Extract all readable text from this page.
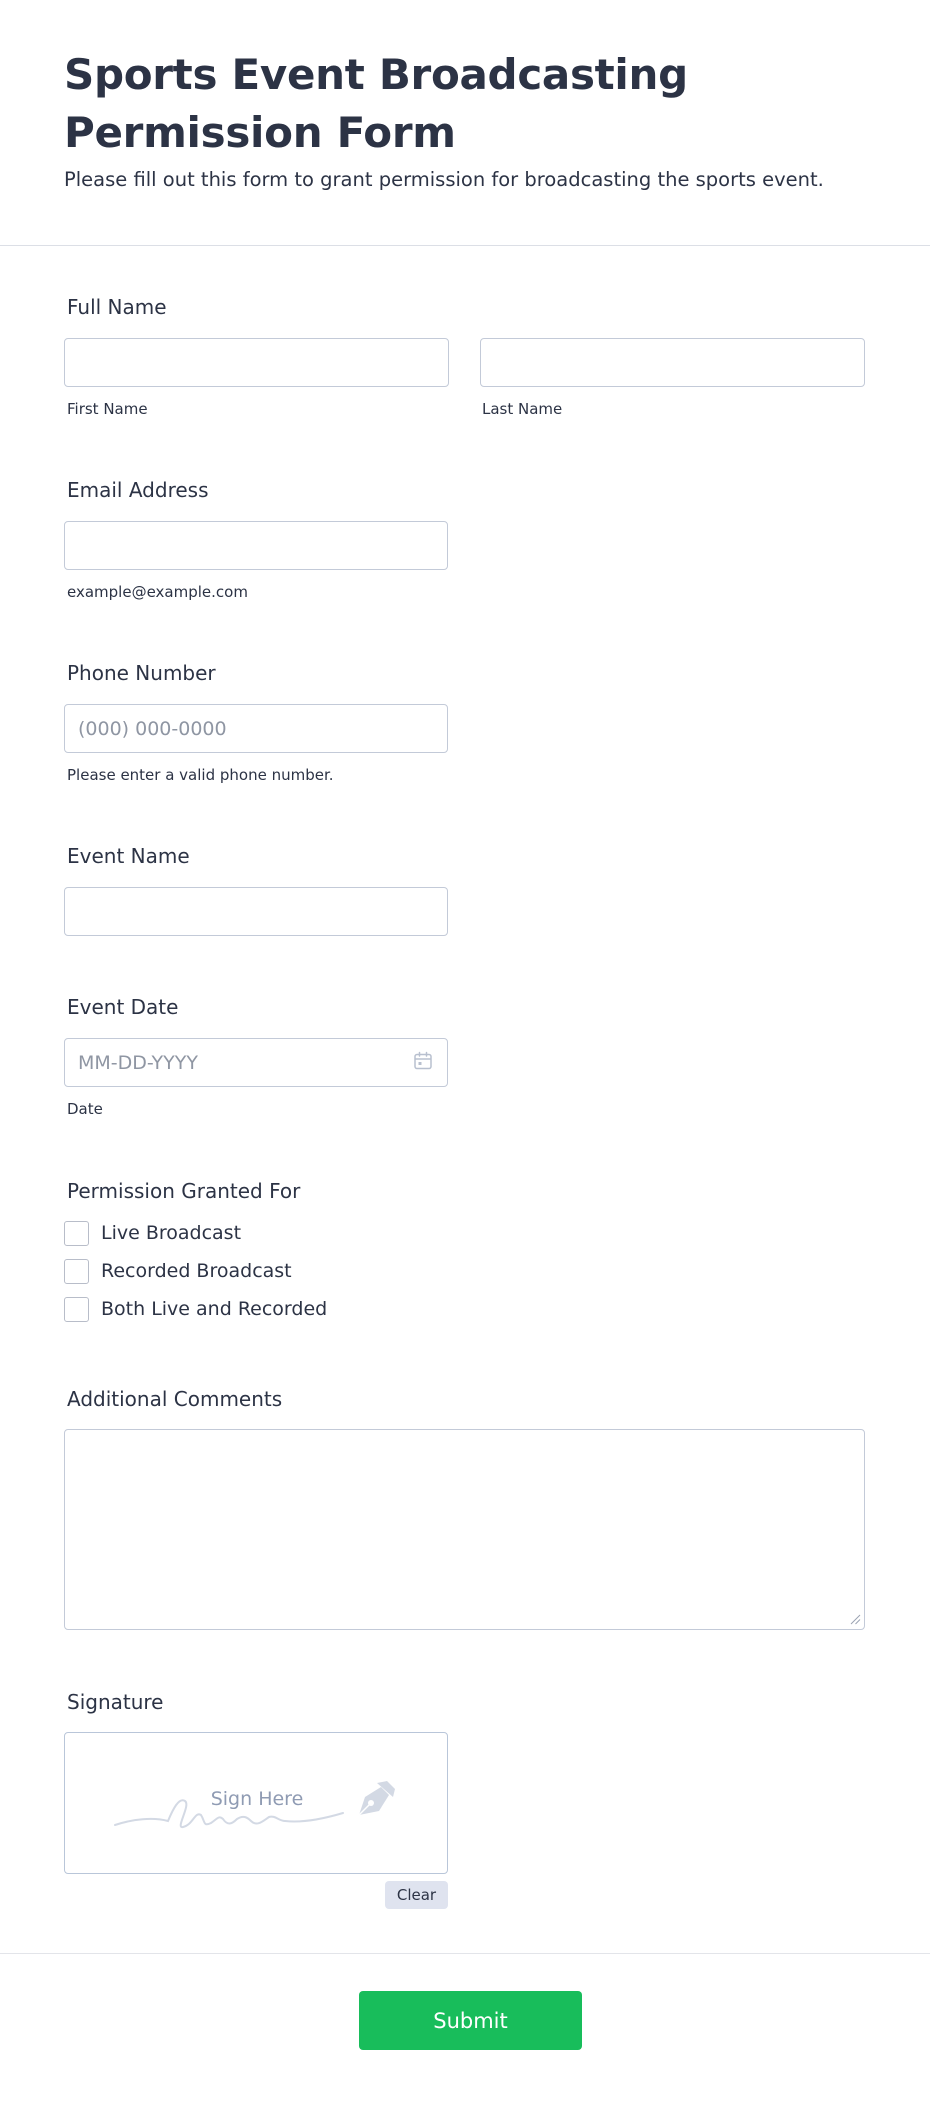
Sports Event Broadcasting Permission Form
Please fill out this form to grant permission for broadcasting the sports event.
Full Name
First Name	Last Name
Email Address
example@example.com
Phone Number
(000) 000-0000
Please enter a valid phone number.
Event Name
Event Date
MM-DD-YYYY
Date
Permission Granted For
Live Broadcast
Recorded Broadcast
Both Live and Recorded
Additional Comments
Signature
Sign Here
Clear
Submit
